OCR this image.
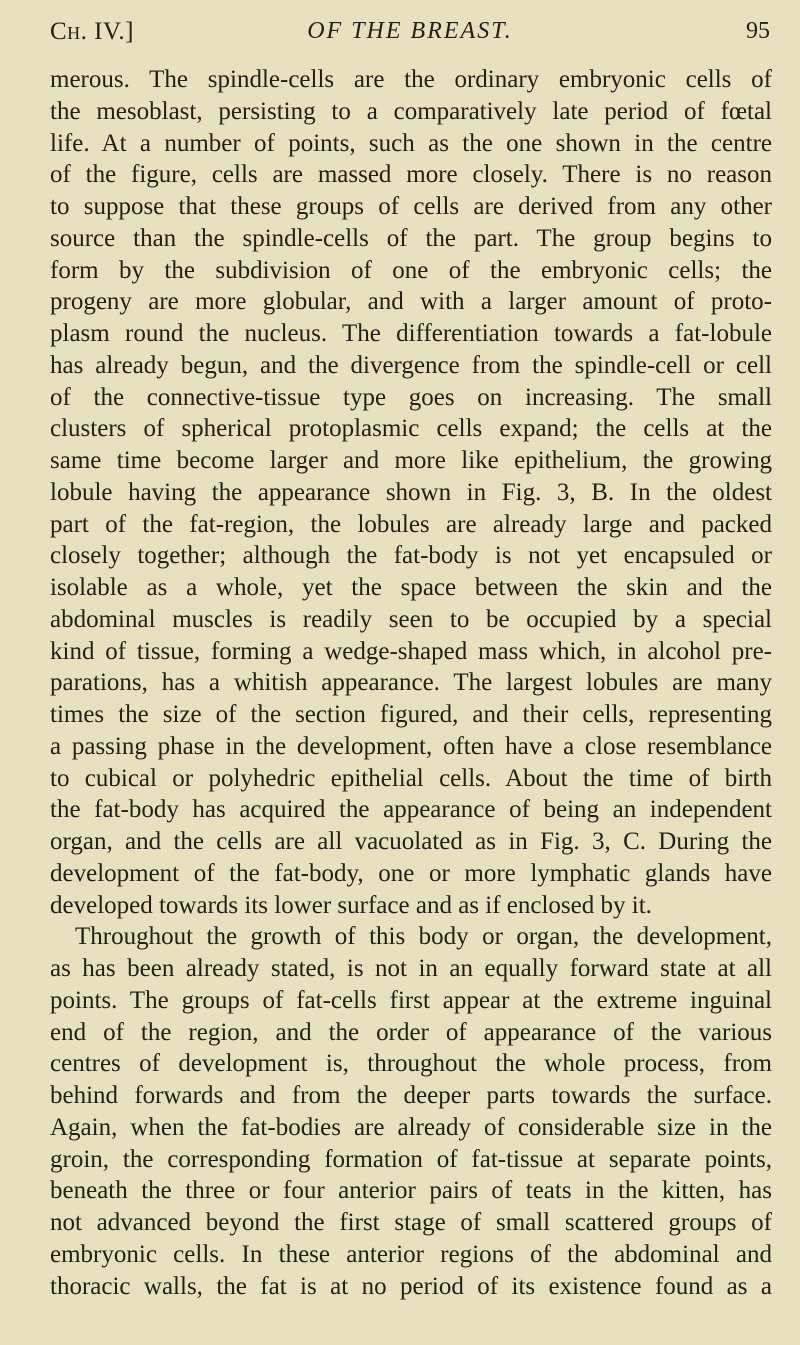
Ch. IV.]	OF THE BREAST.	95
merous. The spindle-cells are the ordinary embryonic cells of
the mesoblast, persisting to a comparatively late period of fœtal
life. At a number of points, such as the one shown in the centre
of the figure, cells are massed more closely. There is no reason
to suppose that these groups of cells are derived from any other
source than the spindle-cells of the part. The group begins to
form by the subdivision of one of the embryonic cells; the
progeny are more globular, and with a larger amount of proto-
plasm round the nucleus. The differentiation towards a fat-lobule
has already begun, and the divergence from the spindle-cell or cell
of the connective-tissue type goes on increasing. The small
clusters of spherical protoplasmic cells expand; the cells at the
same time become larger and more like epithelium, the growing
lobule having the appearance shown in Fig. 3, B. In the oldest
part of the fat-region, the lobules are already large and packed
closely together; although the fat-body is not yet encapsuled or
isolable as a whole, yet the space between the skin and the
abdominal muscles is readily seen to be occupied by a special
kind of tissue, forming a wedge-shaped mass which, in alcohol pre-
parations, has a whitish appearance. The largest lobules are many
times the size of the section figured, and their cells, representing
a passing phase in the development, often have a close resemblance
to cubical or polyhedric epithelial cells. About the time of birth
the fat-body has acquired the appearance of being an independent
organ, and the cells are all vacuolated as in Fig. 3, C. During the
development of the fat-body, one or more lymphatic glands have
developed towards its lower surface and as if enclosed by it.
Throughout the growth of this body or organ, the development,
as has been already stated, is not in an equally forward state at all
points. The groups of fat-cells first appear at the extreme inguinal
end of the region, and the order of appearance of the various
centres of development is, throughout the whole process, from
behind forwards and from the deeper parts towards the surface.
Again, when the fat-bodies are already of considerable size in the
groin, the corresponding formation of fat-tissue at separate points,
beneath the three or four anterior pairs of teats in the kitten, has
not advanced beyond the first stage of small scattered groups of
embryonic cells. In these anterior regions of the abdominal and
thoracic walls, the fat is at no period of its existence found as a
